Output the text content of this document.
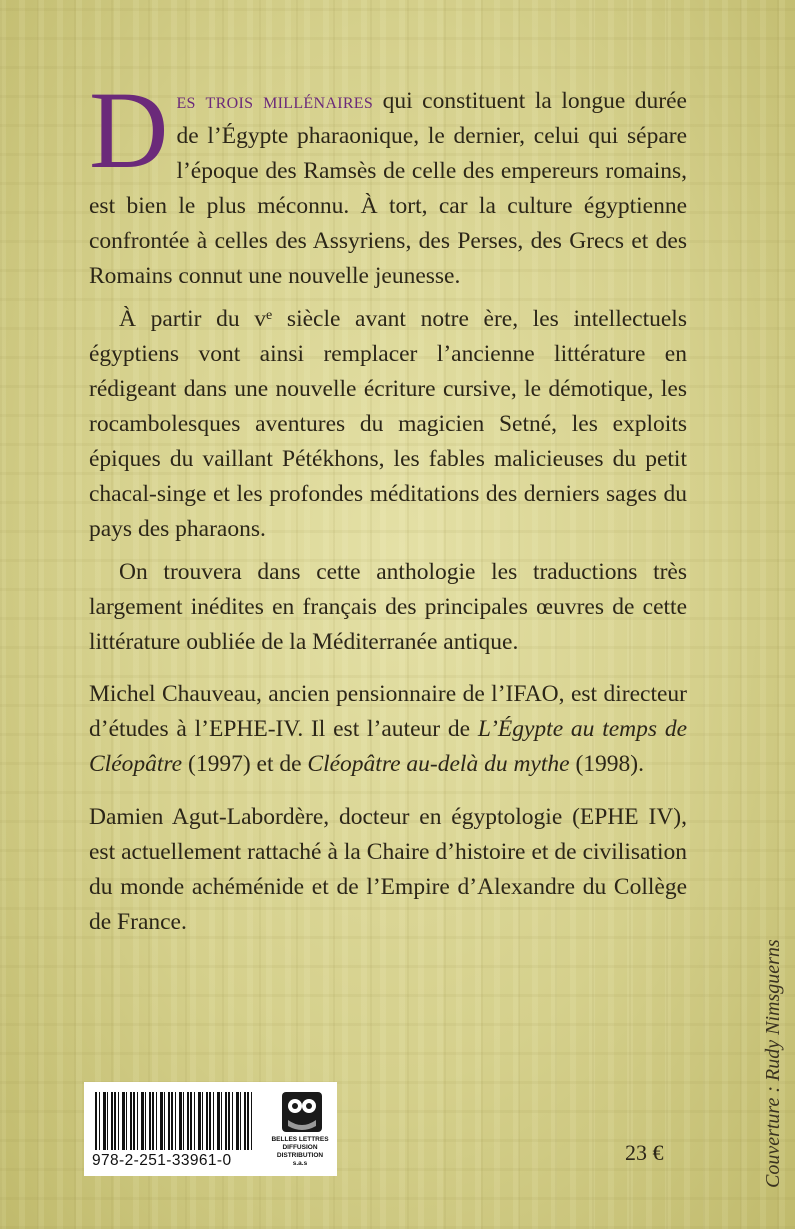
Des trois millénaires qui constituent la longue durée de l’Égypte pharaonique, le dernier, celui qui sépare l’époque des Ramsès de celle des empereurs romains, est bien le plus méconnu. À tort, car la culture égyptienne confrontée à celles des Assyriens, des Perses, des Grecs et des Romains connut une nouvelle jeunesse.

À partir du $v^e$ siècle avant notre ère, les intellectuels égyptiens vont ainsi remplacer l’ancienne littérature en rédigeant dans une nouvelle écriture cursive, le démotique, les rocambolesques aventures du magicien Setné, les exploits épiques du vaillant Pétékhons, les fables malicieuses du petit chacal-singe et les profondes méditations des derniers sages du pays des pharaons.

On trouvera dans cette anthologie les traductions très largement inédites en français des principales œuvres de cette littérature oubliée de la Méditerranée antique.

Michel Chauveau, ancien pensionnaire de l’IFAO, est directeur d’études à l’EPHE-IV. Il est l’auteur de L’Égypte au temps de Cléopâtre (1997) et de Cléopâtre au-delà du mythe (1998).

Damien Agut-Labordère, docteur en égyptologie (EPHE IV), est actuellement rattaché à la Chaire d’histoire et de civilisation du monde achéménide et de l’Empire d’Alexandre du Collège de France.

Couverture : Rudy Nimsguerns
978-2-251-33961-0
BELLES LETTRES
DIFFUSION
DISTRIBUTION
s.a.s	23 €
